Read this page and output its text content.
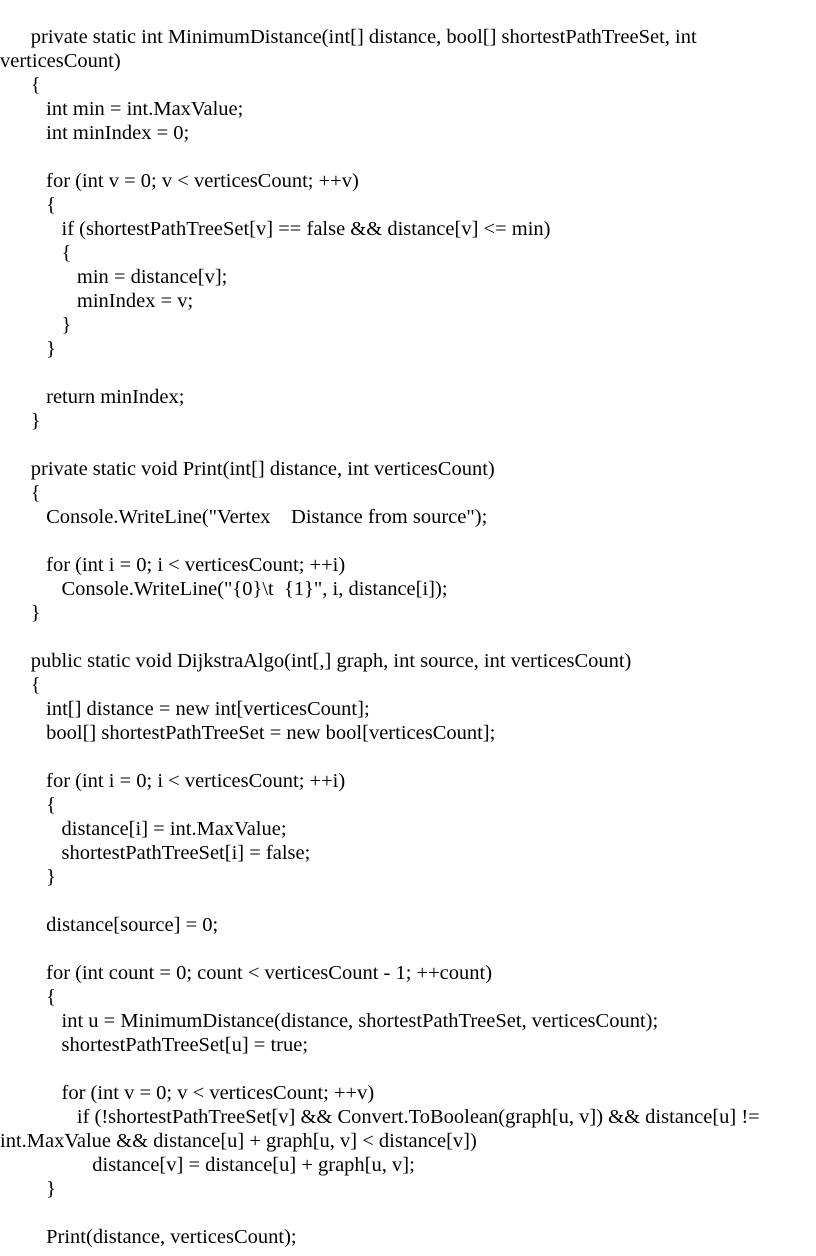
private static int MinimumDistance(int[] distance, bool[] shortestPathTreeSet, int
verticesCount)
{
int min = int.MaxValue;
int minIndex = 0;
for (int v = 0; v < verticesCount; ++v)
{
if (shortestPathTreeSet[v] == false && distance[v] <= min)
{
min = distance[v];
minIndex = v;
}
}
return minIndex;
}
private static void Print(int[] distance, int verticesCount)
{
Console.WriteLine("Vertex    Distance from source");
for (int i = 0; i < verticesCount; ++i)
Console.WriteLine("{0}\t  {1}", i, distance[i]);
}
public static void DijkstraAlgo(int[,] graph, int source, int verticesCount)
{
int[] distance = new int[verticesCount];
bool[] shortestPathTreeSet = new bool[verticesCount];
for (int i = 0; i < verticesCount; ++i)
{
distance[i] = int.MaxValue;
shortestPathTreeSet[i] = false;
}
distance[source] = 0;
for (int count = 0; count < verticesCount - 1; ++count)
{
int u = MinimumDistance(distance, shortestPathTreeSet, verticesCount);
shortestPathTreeSet[u] = true;
for (int v = 0; v < verticesCount; ++v)
if (!shortestPathTreeSet[v] && Convert.ToBoolean(graph[u, v]) && distance[u] !=
int.MaxValue && distance[u] + graph[u, v] < distance[v])
distance[v] = distance[u] + graph[u, v];
}
Print(distance, verticesCount);
